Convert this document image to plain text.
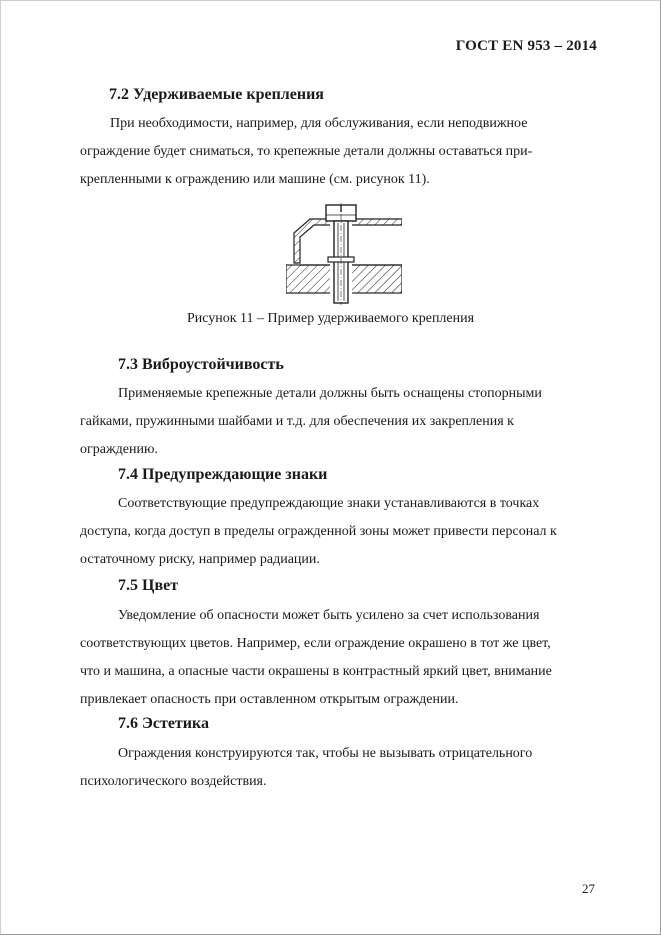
ГОСТ EN 953 – 2014
7.2 Удерживаемые крепления
При необходимости, например, для обслуживания, если неподвижное
ограждение будет сниматься, то крепежные детали должны оставаться при-
крепленными к ограждению или машине (см. рисунок 11).
Рисунок 11 – Пример удерживаемого крепления
7.3 Виброустойчивость
Применяемые крепежные детали должны быть оснащены стопорными
гайками, пружинными шайбами и т.д. для обеспечения их закрепления к
ограждению.
7.4 Предупреждающие знаки
Соответствующие предупреждающие знаки устанавливаются в точках
доступа, когда доступ в пределы огражденной зоны может привести персонал к
остаточному риску, например радиации.
7.5 Цвет
Уведомление об опасности может быть усилено за счет использования
соответствующих цветов. Например, если ограждение окрашено в тот же цвет,
что и машина, а опасные части окрашены в контрастный яркий цвет, внимание
привлекает опасность при оставленном открытым ограждении.
7.6 Эстетика
Ограждения конструируются так, чтобы не вызывать отрицательного
психологического воздействия.
27
